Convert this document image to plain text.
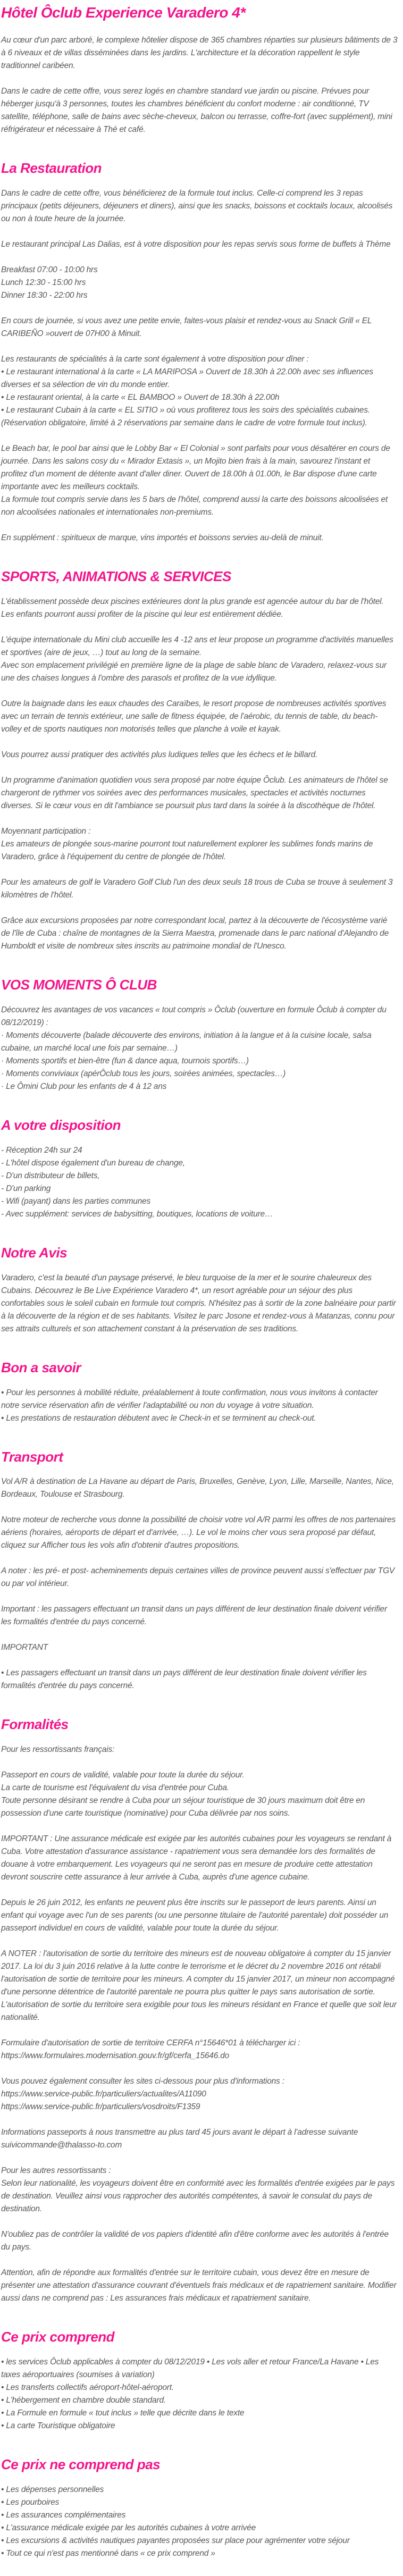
Hôtel Ôclub Experience Varadero 4*

Au cœur d'un parc arboré, le complexe hôtelier dispose de 365 chambres réparties sur plusieurs bâtiments de 3 à 6 niveaux et de villas disséminées dans les jardins. L'architecture et la décoration rappellent le style traditionnel caribéen.

Dans le cadre de cette offre, vous serez logés en chambre standard vue jardin ou piscine. Prévues pour héberger jusqu'à 3 personnes, toutes les chambres bénéficient du confort moderne : air conditionné, TV satellite, téléphone, salle de bains avec sèche-cheveux, balcon ou terrasse, coffre-fort (avec supplément), mini réfrigérateur et nécessaire à Thé et café.

La Restauration

Dans le cadre de cette offre, vous bénéficierez de la formule tout inclus. Celle-ci comprend les 3 repas principaux (petits déjeuners, déjeuners et diners), ainsi que les snacks, boissons et cocktails locaux, alcoolisés ou non à toute heure de la journée.

Le restaurant principal Las Dalias, est à votre disposition pour les repas servis sous forme de buffets à Thème

Breakfast 07:00 - 10:00 hrs

Lunch 12:30 - 15:00 hrs

Dinner 18:30 - 22:00 hrs

En cours de journée, si vous avez une petite envie, faites-vous plaisir et rendez-vous au Snack Grill « EL CARIBEÑO »ouvert de 07H00 à Minuit.

Les restaurants de spécialités à la carte sont également à votre disposition pour dîner :

• Le restaurant international à la carte « LA MARIPOSA » Ouvert de 18.30h à 22.00h avec ses influences diverses et sa sélection de vin du monde entier.

• Le restaurant oriental, à la carte « EL BAMBOO » Ouvert de 18.30h à 22.00h

• Le restaurant Cubain à la carte « EL SITIO » où vous profiterez tous les soirs des spécialités cubaines. (Réservation obligatoire, limité à 2 réservations par semaine dans le cadre de votre formule tout inclus).

Le Beach bar, le pool bar ainsi que le Lobby Bar « El Colonial » sont parfaits pour vous désaltérer en cours de journée. Dans les salons cosy du « Mirador Extasis », un Mojito bien frais à la main, savourez l'instant et profitez d'un moment de détente avant d'aller diner. Ouvert de 18.00h à 01.00h, le Bar dispose d'une carte importante avec les meilleurs cocktails.

La formule tout compris servie dans les 5 bars de l'hôtel, comprend aussi la carte des boissons alcoolisées et non alcoolisées nationales et internationales non-premiums.

En supplément : spiritueux de marque, vins importés et boissons servies au-delà de minuit.

SPORTS, ANIMATIONS & SERVICES

L'établissement possède deux piscines extérieures dont la plus grande est agencée autour du bar de l'hôtel. Les enfants pourront aussi profiter de la piscine qui leur est entièrement dédiée.

L'équipe internationale du Mini club accueille les 4 -12 ans et leur propose un programme d'activités manuelles et sportives (aire de jeux, …) tout au long de la semaine.

Avec son emplacement privilégié en première ligne de la plage de sable blanc de Varadero, relaxez-vous sur une des chaises longues à l'ombre des parasols et profitez de la vue idyllique.

Outre la baignade dans les eaux chaudes des Caraïbes, le resort propose de nombreuses activités sportives avec un terrain de tennis extérieur, une salle de fitness équipée, de l'aérobic, du tennis de table, du beach-volley et de sports nautiques non motorisés telles que planche à voile et kayak.

Vous pourrez aussi pratiquer des activités plus ludiques telles que les échecs et le billard.

Un programme d'animation quotidien vous sera proposé par notre équipe Ôclub. Les animateurs de l'hôtel se chargeront de rythmer vos soirées avec des performances musicales, spectacles et activités nocturnes diverses. Si le cœur vous en dit l'ambiance se poursuit plus tard dans la soirée à la discothèque de l'hôtel.

Moyennant participation :

Les amateurs de plongée sous-marine pourront tout naturellement explorer les sublimes fonds marins de Varadero, grâce à l'équipement du centre de plongée de l'hôtel.

Pour les amateurs de golf le Varadero Golf Club l'un des deux seuls 18 trous de Cuba se trouve à seulement 3 kilomètres de l'hôtel.

Grâce aux excursions proposées par notre correspondant local, partez à la découverte de l'écosystème varié de l'île de Cuba : chaîne de montagnes de la Sierra Maestra, promenade dans le parc national d'Alejandro de Humboldt et visite de nombreux sites inscrits au patrimoine mondial de l'Unesco.

VOS MOMENTS Ô CLUB

Découvrez les avantages de vos vacances « tout compris » Ôclub (ouverture en formule Ôclub à compter du 08/12/2019) :

· Moments découverte (balade découverte des environs, initiation à la langue et à la cuisine locale, salsa cubaine, un marché local une fois par semaine…)

· Moments sportifs et bien-être (fun & dance aqua, tournois sportifs…)

· Moments conviviaux (apérÔclub tous les jours, soirées animées, spectacles…)

· Le Ômini Club pour les enfants de 4 à 12 ans

A votre disposition

- Réception 24h sur 24

- L'hôtel dispose également d'un bureau de change,

- D'un distributeur de billets,

- D'un parking

- Wifi (payant) dans les parties communes

- Avec supplément: services de babysitting, boutiques, locations de voiture…

Notre Avis

Varadero, c'est la beauté d'un paysage préservé, le bleu turquoise de la mer et le sourire chaleureux des Cubains. Découvrez le Be Live Expérience Varadero 4*, un resort agréable pour un séjour des plus confortables sous le soleil cubain en formule tout compris. N'hésitez pas à sortir de la zone balnéaire pour partir à la découverte de la région et de ses habitants. Visitez le parc Josone et rendez-vous à Matanzas, connu pour ses attraits culturels et son attachement constant à la préservation de ses traditions.

Bon a savoir

• Pour les personnes à mobilité réduite, préalablement à toute confirmation, nous vous invitons à contacter notre service réservation afin de vérifier l'adaptabilité ou non du voyage à votre situation.

• Les prestations de restauration débutent avec le Check-in et se terminent au check-out.

Transport

Vol A/R à destination de La Havane au départ de Paris, Bruxelles, Genève, Lyon, Lille, Marseille, Nantes, Nice, Bordeaux, Toulouse et Strasbourg.

Notre moteur de recherche vous donne la possibilité de choisir votre vol A/R parmi les offres de nos partenaires aériens (horaires, aéroports de départ et d'arrivée, …). Le vol le moins cher vous sera proposé par défaut, cliquez sur Afficher tous les vols afin d'obtenir d'autres propositions.

A noter : les pré- et post- acheminements depuis certaines villes de province peuvent aussi s'effectuer par TGV ou par vol intérieur.

Important : les passagers effectuant un transit dans un pays différent de leur destination finale doivent vérifier les formalités d'entrée du pays concerné.

IMPORTANT

• Les passagers effectuant un transit dans un pays différent de leur destination finale doivent vérifier les formalités d'entrée du pays concerné.

Formalités

Pour les ressortissants français:

Passeport en cours de validité, valable pour toute la durée du séjour.

La carte de tourisme est l'équivalent du visa d'entrée pour Cuba.

Toute personne désirant se rendre à Cuba pour un séjour touristique de 30 jours maximum doit être en possession d'une carte touristique (nominative) pour Cuba délivrée par nos soins.

IMPORTANT : Une assurance médicale est exigée par les autorités cubaines pour les voyageurs se rendant à Cuba. Votre attestation d'assurance assistance - rapatriement vous sera demandée lors des formalités de douane à votre embarquement. Les voyageurs qui ne seront pas en mesure de produire cette attestation devront souscrire cette assurance à leur arrivée à Cuba, auprès d'une agence cubaine.

Depuis le 26 juin 2012, les enfants ne peuvent plus être inscrits sur le passeport de leurs parents. Ainsi un enfant qui voyage avec l'un de ses parents (ou une personne titulaire de l'autorité parentale) doit posséder un passeport individuel en cours de validité, valable pour toute la durée du séjour.

A NOTER : l'autorisation de sortie du territoire des mineurs est de nouveau obligatoire à compter du 15 janvier 2017. La loi du 3 juin 2016 relative à la lutte contre le terrorisme et le décret du 2 novembre 2016 ont rétabli l'autorisation de sortie de territoire pour les mineurs. A compter du 15 janvier 2017, un mineur non accompagné d'une personne détentrice de l'autorité parentale ne pourra plus quitter le pays sans autorisation de sortie.

L'autorisation de sortie du territoire sera exigible pour tous les mineurs résidant en France et quelle que soit leur nationalité.

Formulaire d'autorisation de sortie de territoire CERFA n°15646*01 à télécharger ici :

https://www.formulaires.modernisation.gouv.fr/gf/cerfa_15646.do

Vous pouvez également consulter les sites ci-dessous pour plus d'informations :

https://www.service-public.fr/particuliers/actualites/A11090

https://www.service-public.fr/particuliers/vosdroits/F1359

Informations passeports à nous transmettre au plus tard 45 jours avant le départ à l'adresse suivante suivicommande@thalasso-to.com

Pour les autres ressortissants :

Selon leur nationalité, les voyageurs doivent être en conformité avec les formalités d'entrée exigées par le pays de destination. Veuillez ainsi vous rapprocher des autorités compétentes, à savoir le consulat du pays de destination.

N'oubliez pas de contrôler la validité de vos papiers d'identité afin d'être conforme avec les autorités à l'entrée du pays.

Attention, afin de répondre aux formalités d'entrée sur le territoire cubain, vous devez être en mesure de présenter une attestation d'assurance couvrant d'éventuels frais médicaux et de rapatriement sanitaire. Modifier aussi dans ne comprend pas : Les assurances frais médicaux et rapatriement sanitaire.

Ce prix comprend

• les services Ôclub applicables à compter du 08/12/2019 • Les vols aller et retour France/La Havane • Les taxes aéroportuaires (soumises à variation)

• Les transferts collectifs aéroport-hôtel-aéroport.

• L'hébergement en chambre double standard.

• La Formule en formule « tout inclus » telle que décrite dans le texte

• La carte Touristique obligatoire

Ce prix ne comprend pas

• Les dépenses personnelles

• Les pourboires

• Les assurances complémentaires

• L'assurance médicale exigée par les autorités cubaines à votre arrivée

• Les excursions & activités nautiques payantes proposées sur place pour agrémenter votre séjour

• Tout ce qui n'est pas mentionné dans « ce prix comprend »
